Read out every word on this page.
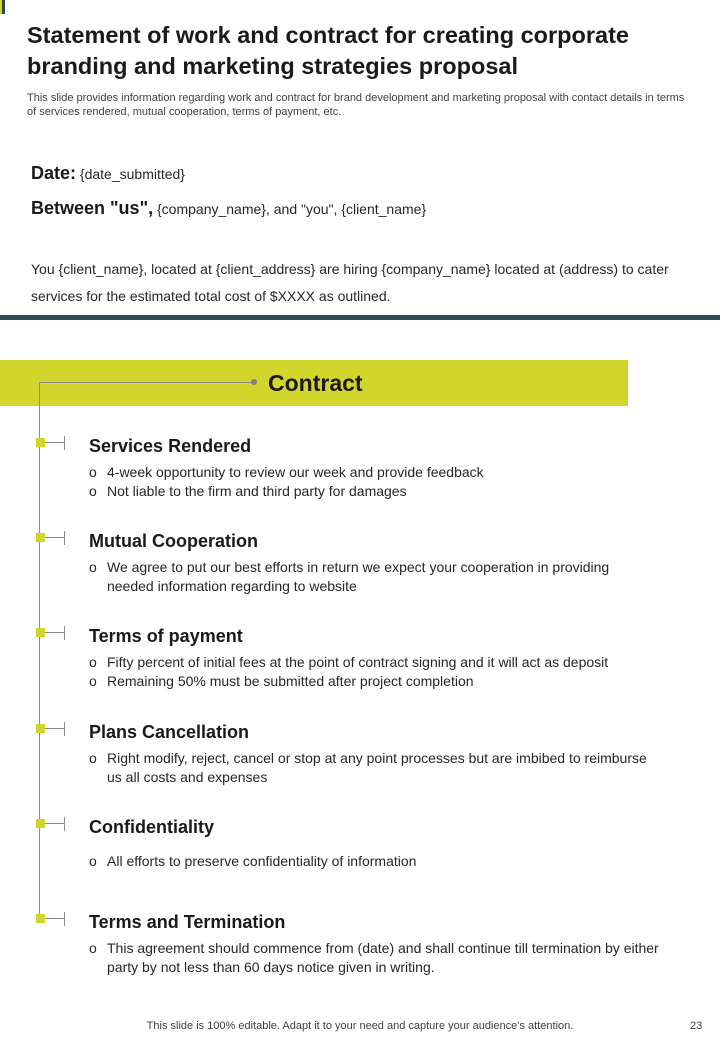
Statement of work and contract for creating corporate branding and marketing strategies proposal

This slide provides information regarding work and contract for brand development and marketing proposal with contact details in terms of services rendered, mutual cooperation, terms of payment, etc.

Date: {date_submitted}
Between "us", {company_name}, and "you", {client_name}

You {client_name}, located at {client_address} are hiring {company_name} located at (address) to cater services for the estimated total cost of $XXXX as outlined.

Contract
Services Rendered
o 4-week opportunity to review our week and provide feedback
o Not liable to the firm and third party for damages
Mutual Cooperation
o We agree to put our best efforts in return we expect your cooperation in providing needed information regarding to website
Terms of payment
o Fifty percent of initial fees at the point of contract signing and it will act as deposit
o Remaining 50% must be submitted after project completion
Plans Cancellation
o Right modify, reject, cancel or stop at any point processes but are imbibed to reimburse us all costs and expenses
Confidentiality
o All efforts to preserve confidentiality of information
Terms and Termination
o This agreement should commence from (date) and shall continue till termination by either party by not less than 60 days notice given in writing.
This slide is 100% editable. Adapt it to your need and capture your audience’s attention.	23
